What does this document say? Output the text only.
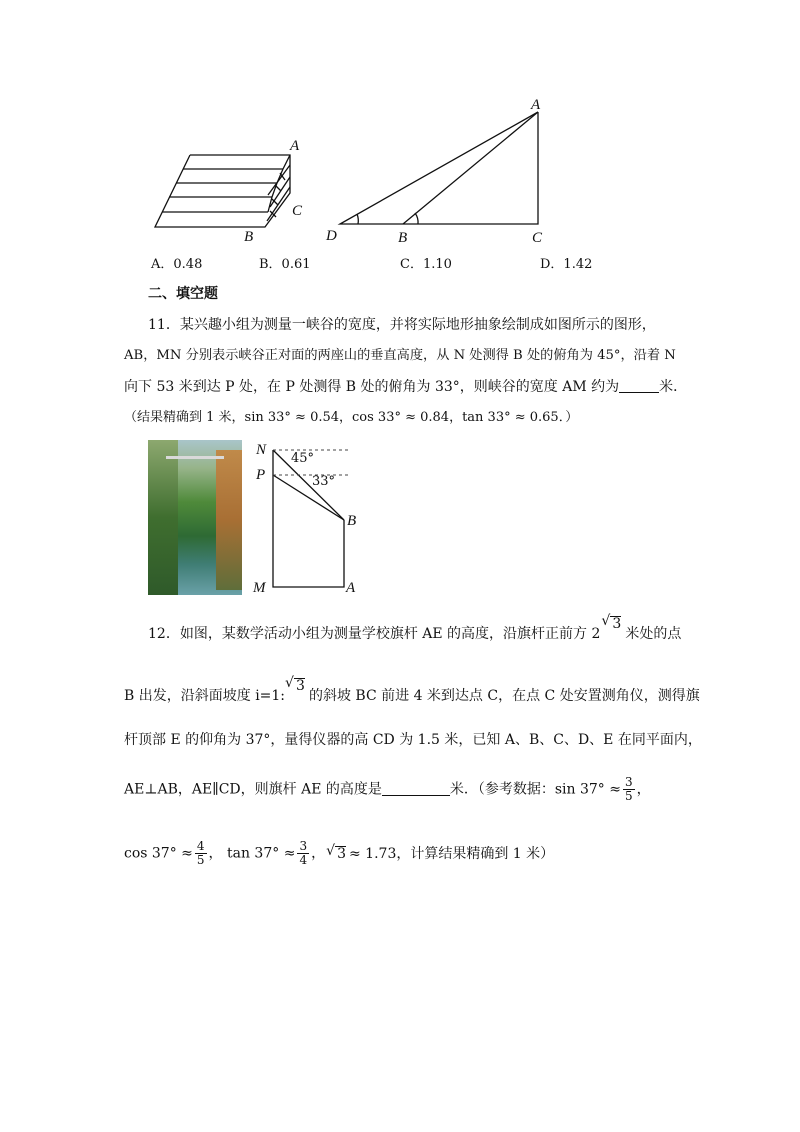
A
C
B
A
D	B	C
A．0.48	B．0.61	C．1.10	D．1.42
二、填空题
11．某兴趣小组为测量一峡谷的宽度，并将实际地形抽象绘制成如图所示的图形，
AB，MN 分别表示峡谷正对面的两座山的垂直高度，从 N 处测得 B 处的俯角为 45°，沿着 N
向下 53 米到达 P 处，在 P 处测得 B 处的俯角为 33°，则峡谷的宽度 AM 约为	米．
（结果精确到 1 米，sin 33° ≈ 0.54，cos 33° ≈ 0.84，tan 33° ≈ 0.65．）
N
P
B
M	A
45°
33°
12．如图，某数学活动小组为测量学校旗杆 AE 的高度，沿旗杆正前方 2√ 3米处的点
B 出发，沿斜面坡度 i=1:√ 3的斜坡 BC 前进 4 米到达点 C，在点 C 处安置测角仪，测得旗
杆顶部 E 的仰角为 37°，量得仪器的高 CD 为 1.5 米，已知 A、B、C、D、E 在同平面内，
AE⊥AB，AE∥CD，则旗杆 AE 的高度是	米．（参考数据：$\sin 37^\circ \approx \frac{3}{5}$ ，
$\cos 37^\circ \approx \frac{4}{5}$ ， $\tan 37^\circ \approx \frac{3}{4}$ ，√ 3 ≈ 1.73，计算结果精确到 1 米）
